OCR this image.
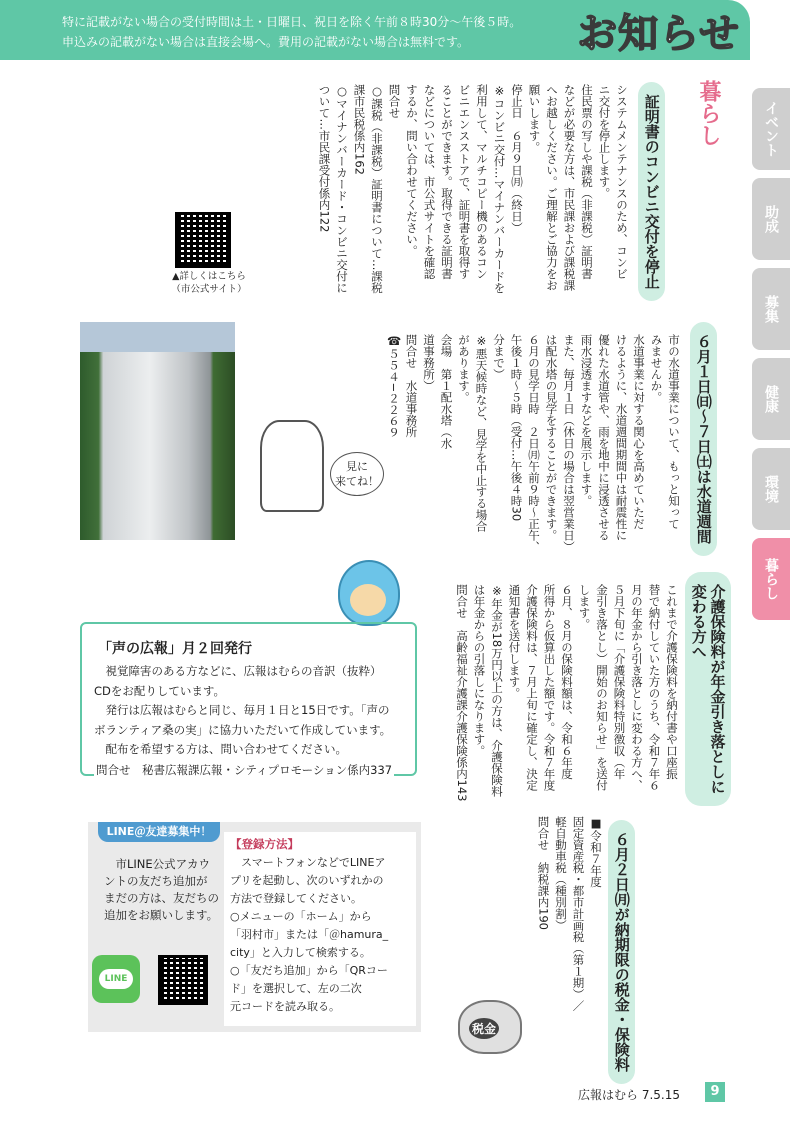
特に記載がない場合の受付時間は土・日曜日、祝日を除く午前８時30分〜午後５時。
申込みの記載がない場合は直接会場へ。費用の記載がない場合は無料です。	お知らせ
イベント
助成
募集
健康
環境
暮らし
暮らし
証明書のコンビニ交付を停止
システムメンテナンスのため、コンビ
ニ交付を停止します。
住民票の写しや課税（非課税）証明書
などが必要な方は、市民課および課税課
へお越しください。ご理解とご協力をお
願いします。
停止日　６月９日㈪（終日）
※コンビニ交付…マイナンバーカードを
利用して、マルチコピー機のあるコン
ビニエンスストアで、証明書を取得す
ることができます。取得できる証明書
などについては、市公式サイトを確認
するか、問い合わせてください。
問合せ
○課税（非課税）証明書について…課税
課市民税係内162
○マイナンバーカード・コンビニ交付に
ついて…市民課受付係内122
▲詳しくはこちら
（市公式サイト）
６月１日㈰〜７日㈯は水道週間
市の水道事業について、もっと知って
みませんか。
水道事業に対する関心を高めていただ
けるように、水道週間期間中は耐震性に
優れた水道管や、雨を地中に浸透させる
雨水浸透ますなどを展示します。
また、毎月１日（休日の場合は翌営業日）
は配水塔の見学をすることができます。
６月の見学日時　２日㈪午前９時〜正午、
午後１時〜５時（受付…午後４時30
分まで）
※悪天候時など、見学を中止する場合
があります。
会場　第１配水塔（水
道事務所）
問合せ　水道事務所
☎５５４−２２６９
見に
来てね！
介護保険料が年金引き落としに
変わる方へ
これまで介護保険料を納付書や口座振
替で納付していた方のうち、令和７年６
月の年金から引き落としに変わる方へ、
５月下旬に「介護保険料特別徴収（年
金引き落とし）開始のお知らせ」を送付
します。
６月、８月の保険料額は、令和６年度
所得から仮算出した額です。令和７年度
介護保険料は、７月上旬に確定し、決定
通知書を送付します。
※年金が18万円以上の方は、介護保険料
は年金からの引落しになります。
問合せ　高齢福祉介護課介護保険係内143
６月２日㈪が納期限の税金・保険料
■令和７年度
固定資産税・都市計画税（第１期）／
軽自動車税（種別割）
問合せ　納税課内190
税金
「声の広報」月２回発行
　視覚障害のある方などに、広報はむらの音訳（抜粋）
CDをお配りしています。
　発行は広報はむらと同じ、毎月１日と15日です。「声の
ボランティア桑の実」に協力いただいて作成しています。
　配布を希望する方は、問い合わせてください。
問合せ　秘書広報課広報・シティプロモーション係内337
LINE＠友達募集中！
　市LINE公式アカウ
ントの友だち追加が
まだの方は、友だちの
追加をお願いします。
【登録方法】
　スマートフォンなどでLINEア
プリを起動し、次のいずれかの
方法で登録してください。
○メニューの「ホーム」から
「羽村市」または「＠hamura_
city」と入力して検索する。
○「友だち追加」から「QRコー
ド」を選択して、左の二次
元コードを読み取る。
LINE
広報はむら 7.5.15	9
